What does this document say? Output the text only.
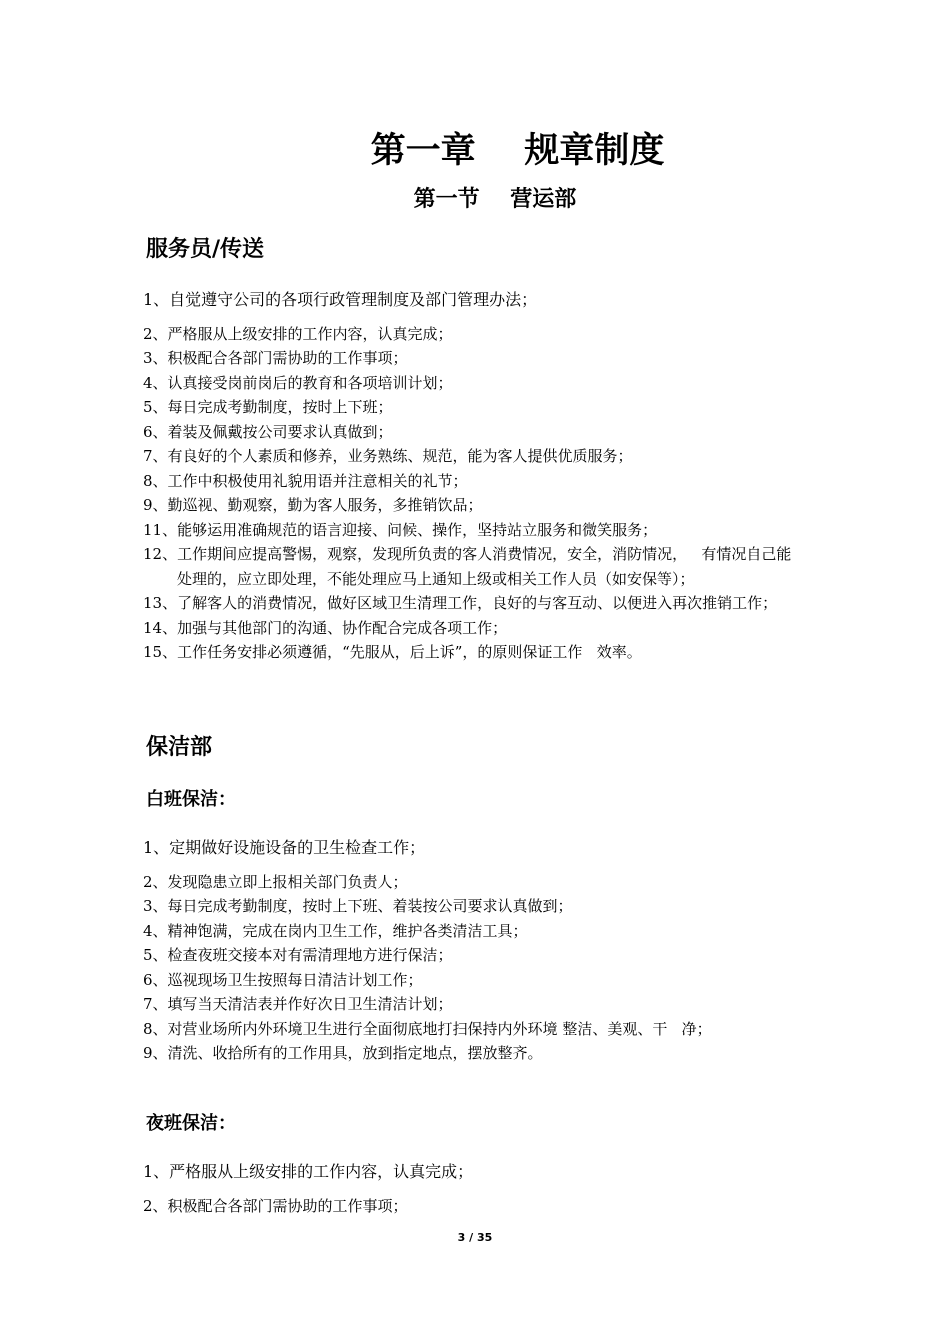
第一章    规章制度
第一节    营运部
服务员/传送
1、自觉遵守公司的各项行政管理制度及部门管理办法；
2、严格服从上级安排的工作内容，认真完成；
3、积极配合各部门需协助的工作事项；
4、认真接受岗前岗后的教育和各项培训计划；
5、每日完成考勤制度，按时上下班；
6、着装及佩戴按公司要求认真做到；
7、有良好的个人素质和修养，业务熟练、规范，能为客人提供优质服务；
8、工作中积极使用礼貌用语并注意相关的礼节；
9、勤巡视、勤观察，勤为客人服务，多推销饮品；
11、能够运用准确规范的语言迎接、问候、操作，坚持站立服务和微笑服务；
12、工作期间应提高警惕，观察，发现所负责的客人消费情况，安全，消防情况，   有情况自己能处理的，应立即处理，不能处理应马上通知上级或相关工作人员（如安保等）；
13、了解客人的消费情况，做好区域卫生清理工作，良好的与客互动、以便进入再次推销工作；
14、加强与其他部门的沟通、协作配合完成各项工作；
15、工作任务安排必须遵循，“先服从，后上诉”，的原则保证工作   效率。
保洁部
白班保洁：
1、定期做好设施设备的卫生检查工作；
2、发现隐患立即上报相关部门负责人；
3、每日完成考勤制度，按时上下班、着装按公司要求认真做到；
4、精神饱满，完成在岗内卫生工作，维护各类清洁工具；
5、检查夜班交接本对有需清理地方进行保洁；
6、巡视现场卫生按照每日清洁计划工作；
7、填写当天清洁表并作好次日卫生清洁计划；
8、对营业场所内外环境卫生进行全面彻底地打扫保持内外环境 整洁、美观、干   净；
9、清洗、收拾所有的工作用具，放到指定地点，摆放整齐。
夜班保洁：
1、严格服从上级安排的工作内容，认真完成；
2、积极配合各部门需协助的工作事项；
3 / 35
